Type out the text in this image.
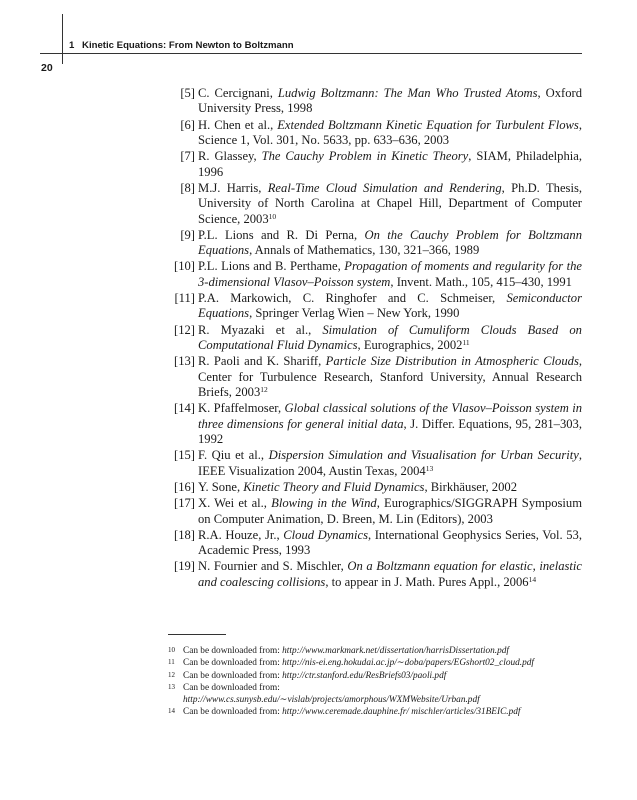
1 Kinetic Equations: From Newton to Boltzmann
20
[5] C. Cercignani, Ludwig Boltzmann: The Man Who Trusted Atoms, Oxford University Press, 1998
[6] H. Chen et al., Extended Boltzmann Kinetic Equation for Turbulent Flows, Science 1, Vol. 301, No. 5633, pp. 633–636, 2003
[7] R. Glassey, The Cauchy Problem in Kinetic Theory, SIAM, Philadelphia, 1996
[8] M.J. Harris, Real-Time Cloud Simulation and Rendering, Ph.D. Thesis, University of North Carolina at Chapel Hill, Department of Computer Science, 2003$^{10}$
[9] P.L. Lions and R. Di Perna, On the Cauchy Problem for Boltzmann Equations, Annals of Mathematics, 130, 321–366, 1989
[10] P.L. Lions and B. Perthame, Propagation of moments and regularity for the 3-dimensional Vlasov–Poisson system, Invent. Math., 105, 415–430, 1991
[11] P.A. Markowich, C. Ringhofer and C. Schmeiser, Semiconductor Equations, Springer Verlag Wien – New York, 1990
[12] R. Myazaki et al., Simulation of Cumuliform Clouds Based on Computational Fluid Dynamics, Eurographics, 2002$^{11}$
[13] R. Paoli and K. Shariff, Particle Size Distribution in Atmospheric Clouds, Center for Turbulence Research, Stanford University, Annual Research Briefs, 2003$^{12}$
[14] K. Pfaffelmoser, Global classical solutions of the Vlasov–Poisson system in three dimensions for general initial data, J. Differ. Equations, 95, 281–303, 1992
[15] F. Qiu et al., Dispersion Simulation and Visualisation for Urban Security, IEEE Visualization 2004, Austin Texas, 2004$^{13}$
[16] Y. Sone, Kinetic Theory and Fluid Dynamics, Birkhäuser, 2002
[17] X. Wei et al., Blowing in the Wind, Eurographics/SIGGRAPH Symposium on Computer Animation, D. Breen, M. Lin (Editors), 2003
[18] R.A. Houze, Jr., Cloud Dynamics, International Geophysics Series, Vol. 53, Academic Press, 1993
[19] N. Fournier and S. Mischler, On a Boltzmann equation for elastic, inelastic and coalescing collisions, to appear in J. Math. Pures Appl., 2006$^{14}$
10 Can be downloaded from: http://www.markmark.net/dissertation/harrisDissertation.pdf
11 Can be downloaded from: http://nis-ei.eng.hokudai.ac.jp/∼doba/papers/EGshort02_cloud.pdf
12 Can be downloaded from: http://ctr.stanford.edu/ResBriefs03/paoli.pdf
13 Can be downloaded from:
http://www.cs.sunysb.edu/∼vislab/projects/amorphous/WXMWebsite/Urban.pdf
14 Can be downloaded from: http://www.ceremade.dauphine.fr/ mischler/articles/31BEIC.pdf
